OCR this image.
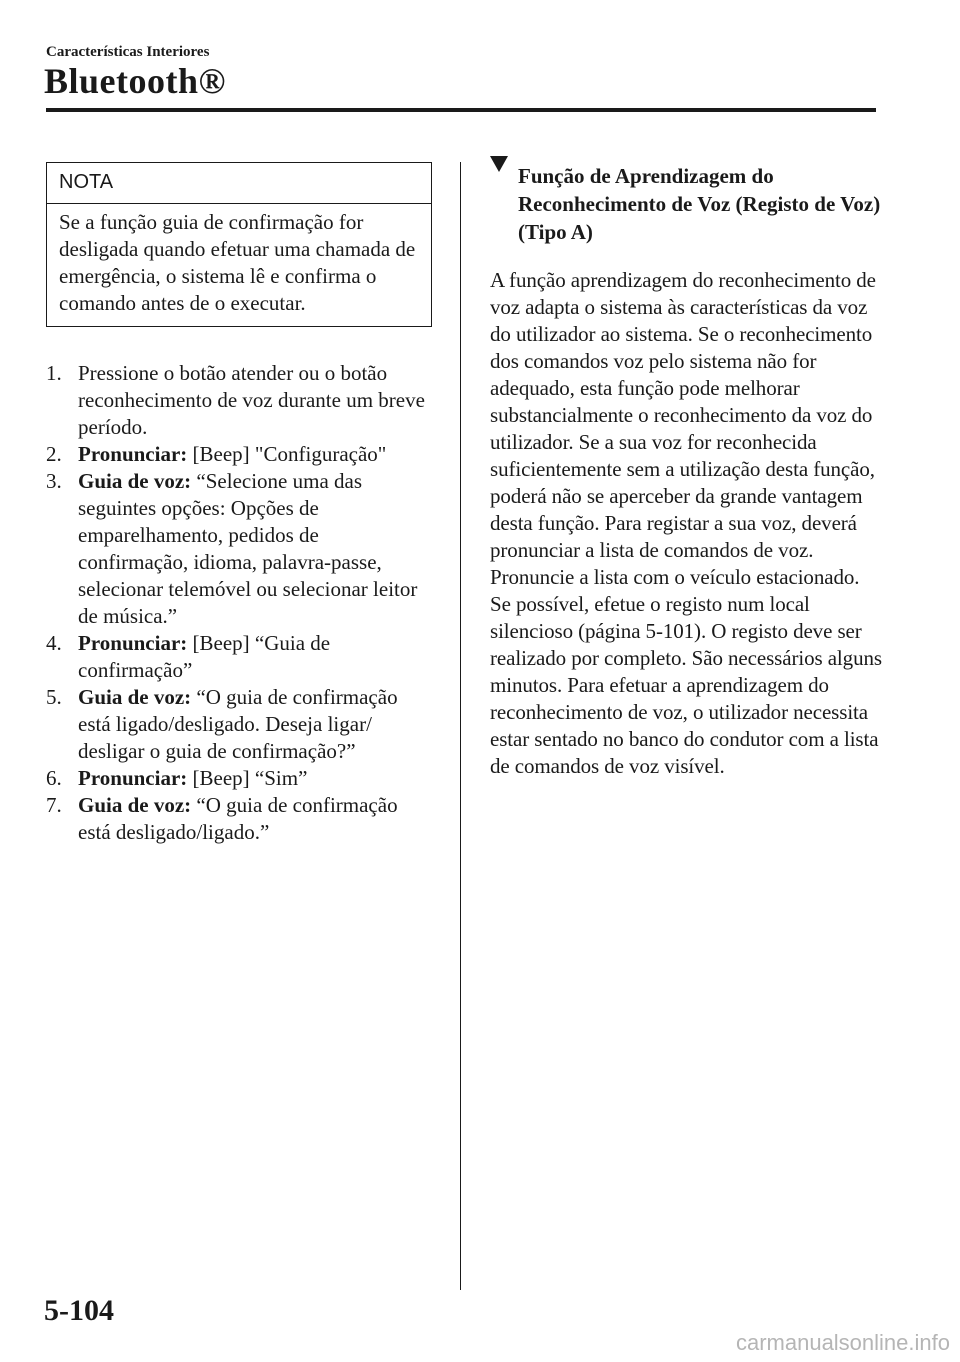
Características Interiores
Bluetooth®
NOTA
Se a função guia de confirmação for desligada quando efetuar uma chamada de emergência, o sistema lê e confirma o comando antes de o executar.
1. Pressione o botão atender ou o botão reconhecimento de voz durante um breve período.
2. Pronunciar: [Beep] "Configuração"
3. Guia de voz: “Selecione uma das seguintes opções: Opções de emparelhamento, pedidos de confirmação, idioma, palavra-passe, selecionar telemóvel ou selecionar leitor de música.”
4. Pronunciar: [Beep] “Guia de confirmação”
5. Guia de voz: “O guia de confirmação está ligado/desligado. Deseja ligar/ desligar o guia de confirmação?”
6. Pronunciar: [Beep] “Sim”
7. Guia de voz: “O guia de confirmação está desligado/ligado.”
Função de Aprendizagem do Reconhecimento de Voz (Registo de Voz) (Tipo A)
A função aprendizagem do reconhecimento de voz adapta o sistema às características da voz do utilizador ao sistema. Se o reconhecimento dos comandos voz pelo sistema não for adequado, esta função pode melhorar substancialmente o reconhecimento da voz do utilizador. Se a sua voz for reconhecida suficientemente sem a utilização desta função, poderá não se aperceber da grande vantagem desta função. Para registar a sua voz, deverá pronunciar a lista de comandos de voz. Pronuncie a lista com o veículo estacionado. Se possível, efetue o registo num local silencioso (página 5-101). O registo deve ser realizado por completo. São necessários alguns minutos. Para efetuar a aprendizagem do reconhecimento de voz, o utilizador necessita estar sentado no banco do condutor com a lista de comandos de voz visível.
5-104
carmanualsonline.info
